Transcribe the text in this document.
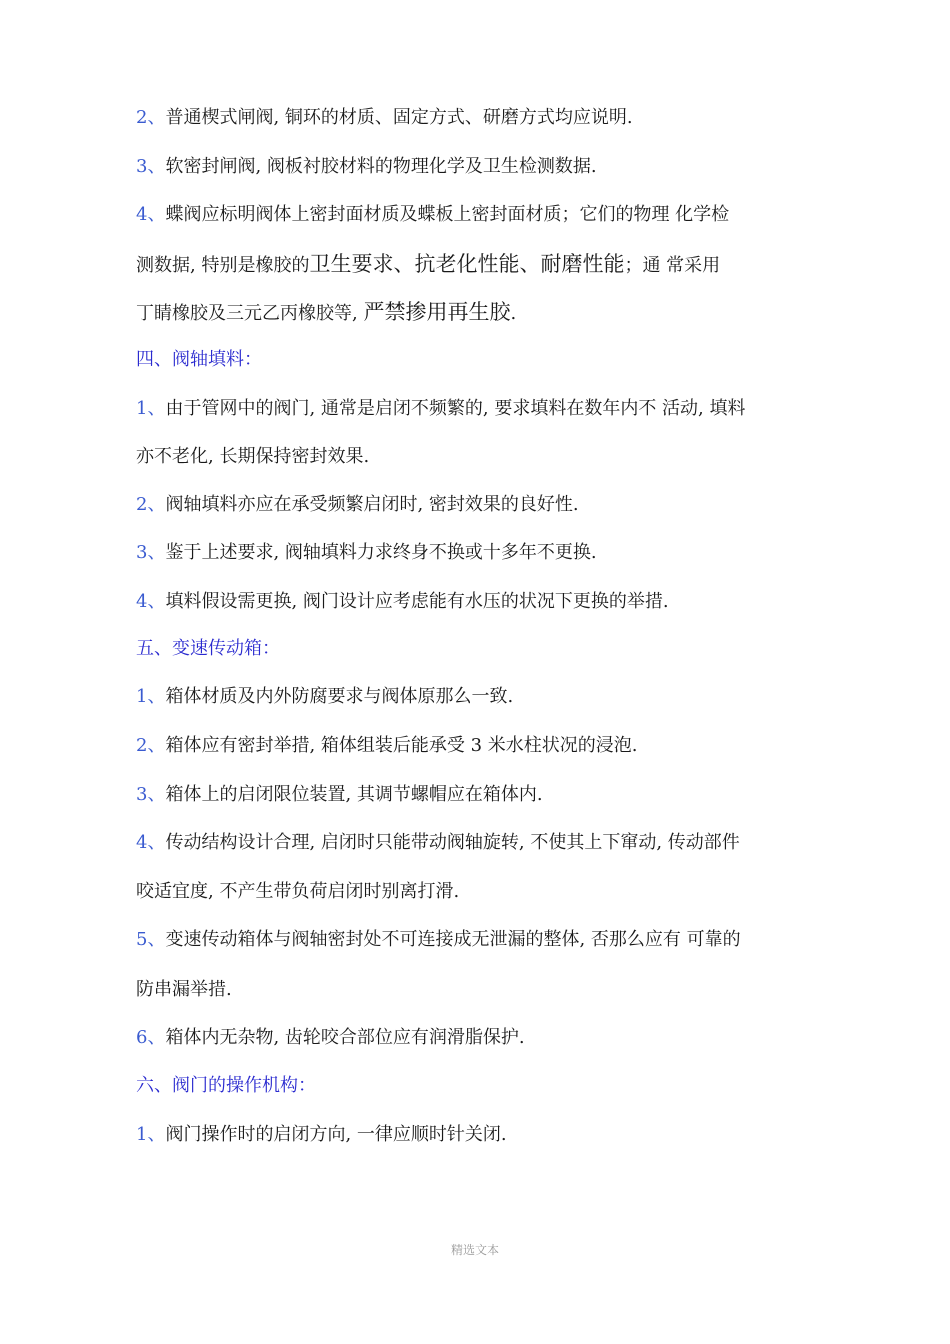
2、普通楔式闸阀, 铜环的材质、固定方式、研磨方式均应说明.
3、软密封闸阀, 阀板衬胶材料的物理化学及卫生检测数据.
4、蝶阀应标明阀体上密封面材质及蝶板上密封面材质；它们的物理 化学检
测数据, 特别是橡胶的卫生要求、抗老化性能、耐磨性能；通 常采用
丁睛橡胶及三元乙丙橡胶等, 严禁掺用再生胶.
四、阀轴填料：
1、由于管网中的阀门, 通常是启闭不频繁的, 要求填料在数年内不 活动, 填料
亦不老化, 长期保持密封效果.
2、阀轴填料亦应在承受频繁启闭时, 密封效果的良好性.
3、鉴于上述要求, 阀轴填料力求终身不换或十多年不更换.
4、填料假设需更换, 阀门设计应考虑能有水压的状况下更换的举措.
五、变速传动箱：
1、箱体材质及内外防腐要求与阀体原那么一致.
2、箱体应有密封举措, 箱体组装后能承受 3 米水柱状况的浸泡.
3、箱体上的启闭限位装置, 其调节螺帽应在箱体内.
4、传动结构设计合理, 启闭时只能带动阀轴旋转, 不使其上下窜动, 传动部件
咬适宜度, 不产生带负荷启闭时别离打滑.
5、变速传动箱体与阀轴密封处不可连接成无泄漏的整体, 否那么应有 可靠的
防串漏举措.
6、箱体内无杂物, 齿轮咬合部位应有润滑脂保护.
六、阀门的操作机构：
1、阀门操作时的启闭方向, 一律应顺时针关闭.
精选文本
